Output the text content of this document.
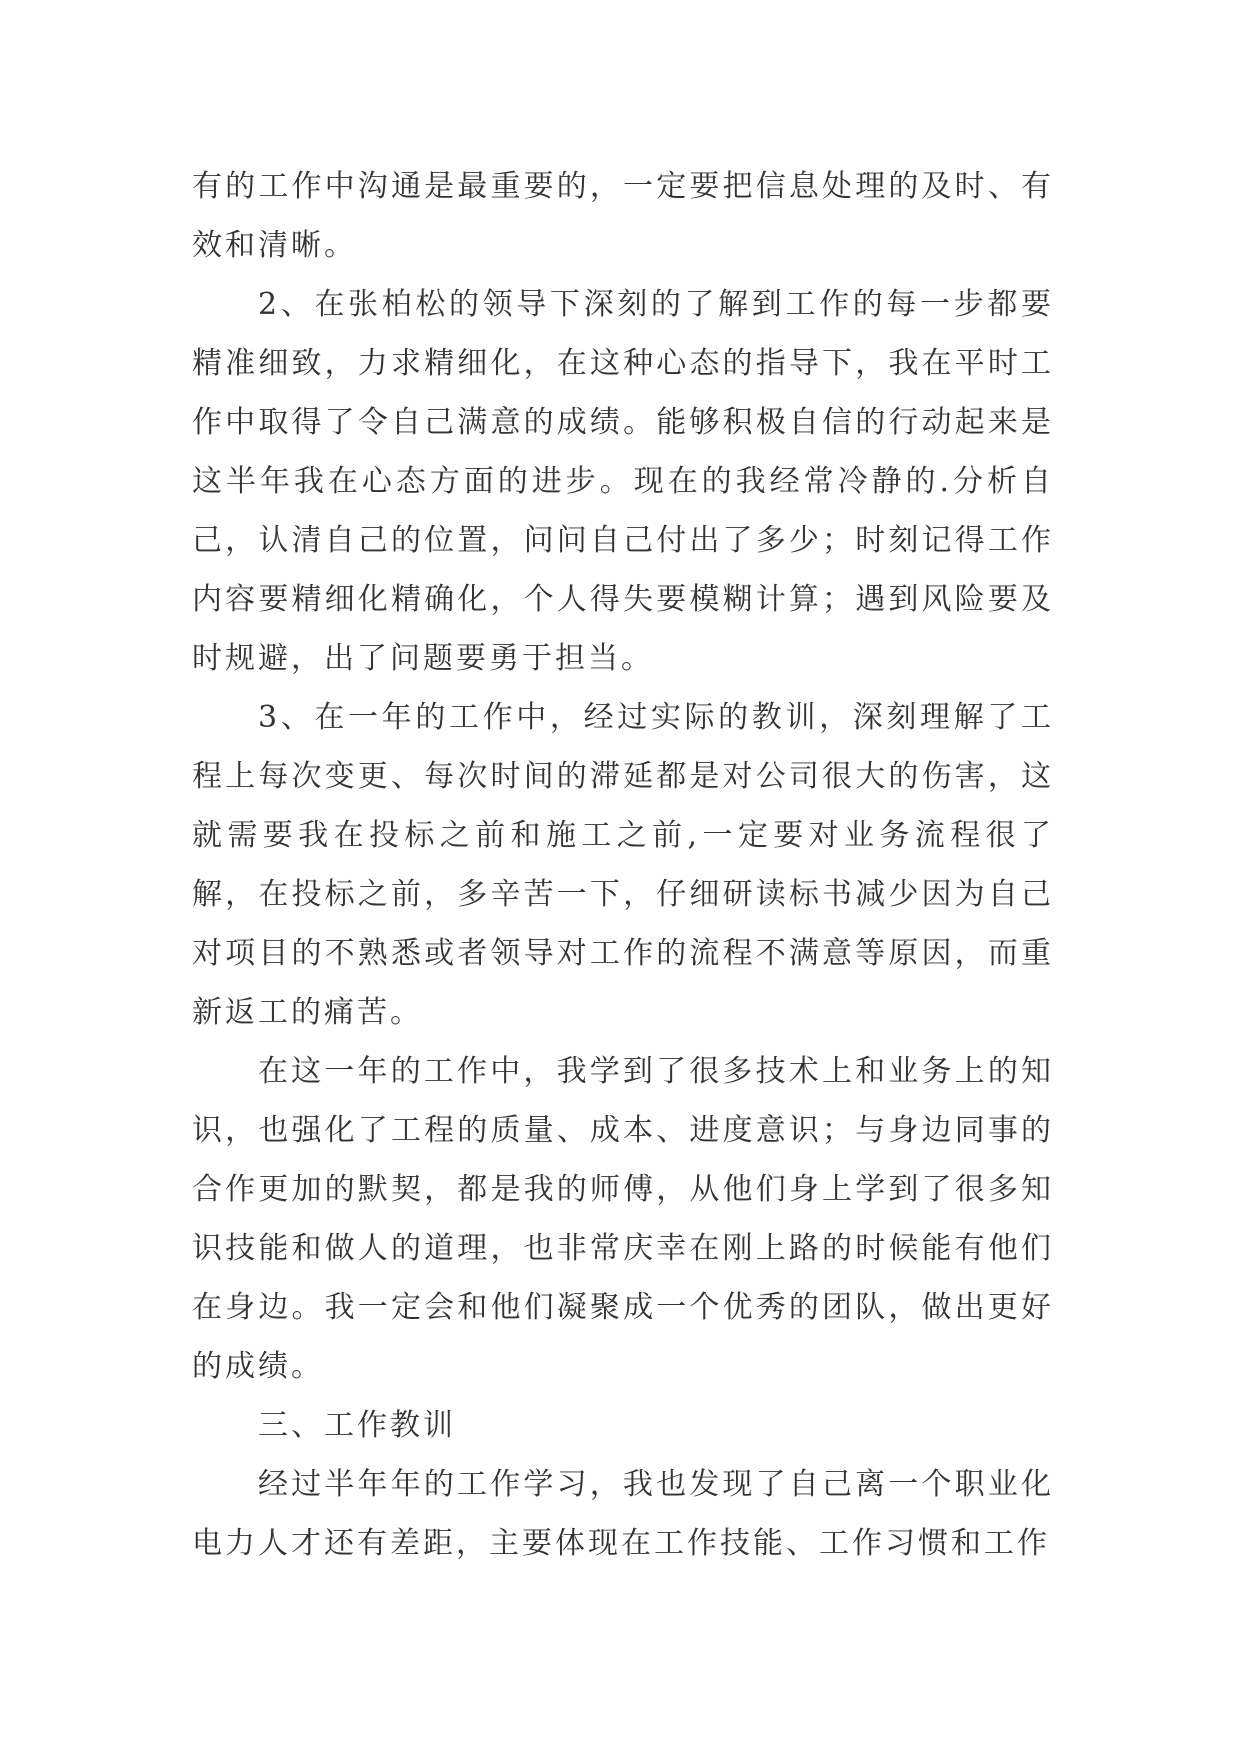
有的工作中沟通是最重要的，一定要把信息处理的及时、有效和清晰。

2、在张柏松的领导下深刻的了解到工作的每一步都要精准细致，力求精细化，在这种心态的指导下，我在平时工作中取得了令自己满意的成绩。能够积极自信的行动起来是这半年我在心态方面的进步。现在的我经常冷静的.分析自己，认清自己的位置，问问自己付出了多少；时刻记得工作内容要精细化精确化，个人得失要模糊计算；遇到风险要及时规避，出了问题要勇于担当。

3、在一年的工作中，经过实际的教训，深刻理解了工程上每次变更、每次时间的滞延都是对公司很大的伤害，这就需要我在投标之前和施工之前,一定要对业务流程很了解，在投标之前，多辛苦一下，仔细研读标书减少因为自己对项目的不熟悉或者领导对工作的流程不满意等原因，而重新返工的痛苦。

在这一年的工作中，我学到了很多技术上和业务上的知识，也强化了工程的质量、成本、进度意识；与身边同事的合作更加的默契，都是我的师傅，从他们身上学到了很多知识技能和做人的道理，也非常庆幸在刚上路的时候能有他们在身边。我一定会和他们凝聚成一个优秀的团队，做出更好的成绩。

三、工作教训

经过半年年的工作学习，我也发现了自己离一个职业化电力人才还有差距，主要体现在工作技能、工作习惯和工作
